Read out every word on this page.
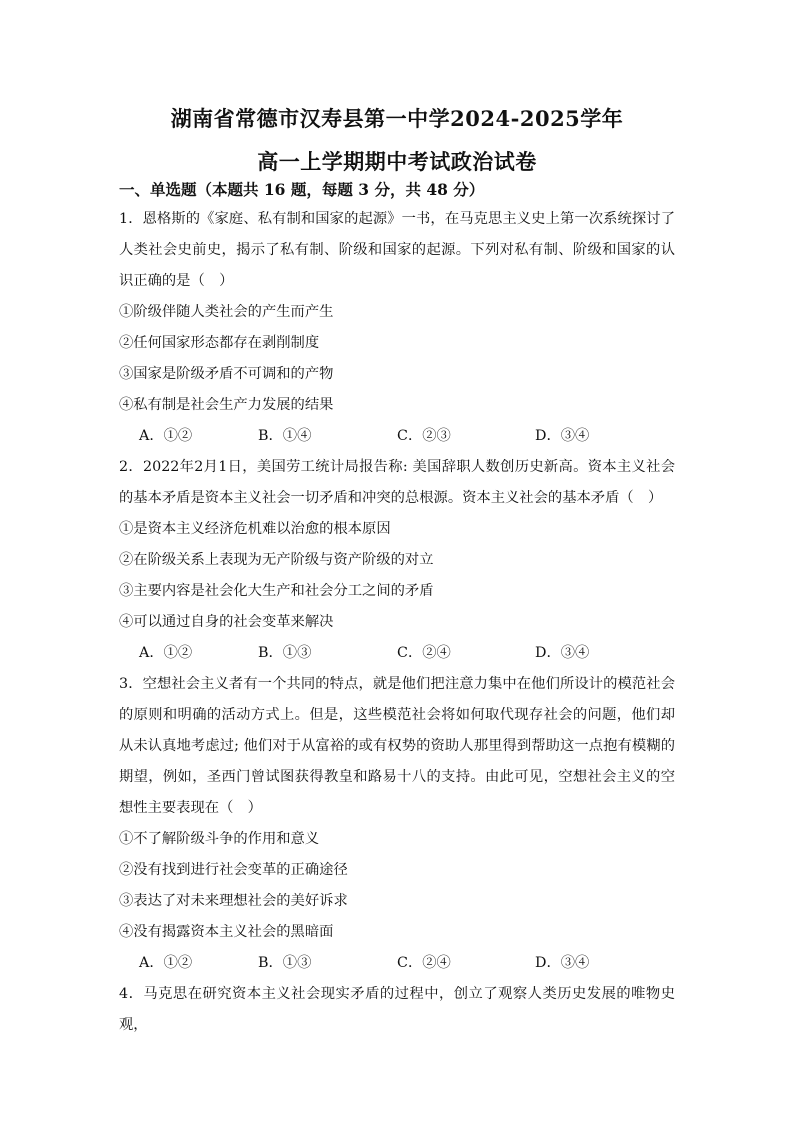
湖南省常德市汉寿县第一中学2024-2025学年
高一上学期期中考试政治试卷
一、单选题（本题共 16 题，每题 3 分，共 48 分）

1．恩格斯的《家庭、私有制和国家的起源》一书，在马克思主义史上第一次系统探讨了人类社会史前史，揭示了私有制、阶级和国家的起源。下列对私有制、阶级和国家的认识正确的是（　）

①阶级伴随人类社会的产生而产生
②任何国家形态都存在剥削制度
③国家是阶级矛盾不可调和的产物
④私有制是社会生产力发展的结果
A．①②	B．①④	C．②③	D．③④

2．2022年2月1日，美国劳工统计局报告称: 美国辞职人数创历史新高。资本主义社会的基本矛盾是资本主义社会一切矛盾和冲突的总根源。资本主义社会的基本矛盾（　）

①是资本主义经济危机难以治愈的根本原因
②在阶级关系上表现为无产阶级与资产阶级的对立
③主要内容是社会化大生产和社会分工之间的矛盾
④可以通过自身的社会变革来解决
A．①②	B．①③	C．②④	D．③④

3．空想社会主义者有一个共同的特点，就是他们把注意力集中在他们所设计的模范社会的原则和明确的活动方式上。但是，这些模范社会将如何取代现存社会的问题，他们却从未认真地考虑过; 他们对于从富裕的或有权势的资助人那里得到帮助这一点抱有模糊的期望，例如，圣西门曾试图获得教皇和路易十八的支持。由此可见，空想社会主义的空想性主要表现在（　）

①不了解阶级斗争的作用和意义
②没有找到进行社会变革的正确途径
③表达了对未来理想社会的美好诉求
④没有揭露资本主义社会的黑暗面
A．①②	B．①③	C．②④	D．③④

4．马克思在研究资本主义社会现实矛盾的过程中，创立了观察人类历史发展的唯物史观，
